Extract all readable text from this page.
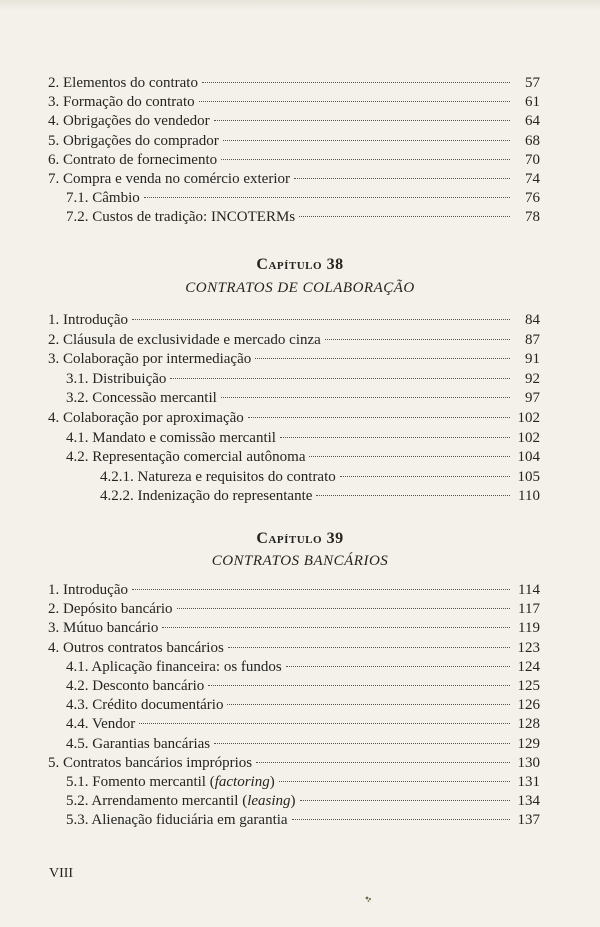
2. Elementos do contrato	57
3. Formação do contrato	61
4. Obrigações do vendedor	64
5. Obrigações do comprador	68
6. Contrato de fornecimento	70
7. Compra e venda no comércio exterior	74
7.1. Câmbio	76
7.2. Custos de tradição: INCOTERMs	78
Capítulo 38
CONTRATOS DE COLABORAÇÃO
1. Introdução	84
2. Cláusula de exclusividade e mercado cinza	87
3. Colaboração por intermediação	91
3.1. Distribuição	92
3.2. Concessão mercantil	97
4. Colaboração por aproximação	102
4.1. Mandato e comissão mercantil	102
4.2. Representação comercial autônoma	104
4.2.1. Natureza e requisitos do contrato	105
4.2.2. Indenização do representante	110
Capítulo 39
CONTRATOS BANCÁRIOS
1. Introdução	114
2. Depósito bancário	117
3. Mútuo bancário	119
4. Outros contratos bancários	123
4.1. Aplicação financeira: os fundos	124
4.2. Desconto bancário	125
4.3. Crédito documentário	126
4.4. Vendor	128
4.5. Garantias bancárias	129
5. Contratos bancários impróprios	130
5.1. Fomento mercantil (factoring)	131
5.2. Arrendamento mercantil (leasing)	134
5.3. Alienação fiduciária em garantia	137
VIII
